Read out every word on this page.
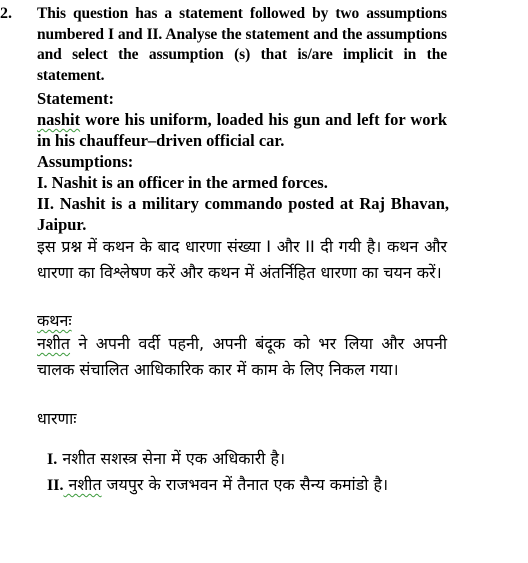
2. This question has a statement followed by two assumptions numbered I and II. Analyse the statement and the assumptions and select the assumption (s) that is/are implicit in the statement.

Statement:

nashit wore his uniform, loaded his gun and left for work in his chauffeur–driven official car.

Assumptions:

I. Nashit is an officer in the armed forces.

II. Nashit is a military commando posted at Raj Bhavan, Jaipur.

इस प्रश्न में कथन के बाद धारणा संख्या I और II दी गयी है। कथन और धारणा का विश्लेषण करें और कथन में अंतर्निहित धारणा का चयन करें।

कथनः

नशीत ने अपनी वर्दी पहनी, अपनी बंदूक को भर लिया और अपनी चालक संचालित आधिकारिक कार में काम के लिए निकल गया।

धारणाः

I. नशीत सशस्त्र सेना में एक अधिकारी है।

II. नशीत जयपुर के राजभवन में तैनात एक सैन्य कमांडो है।
